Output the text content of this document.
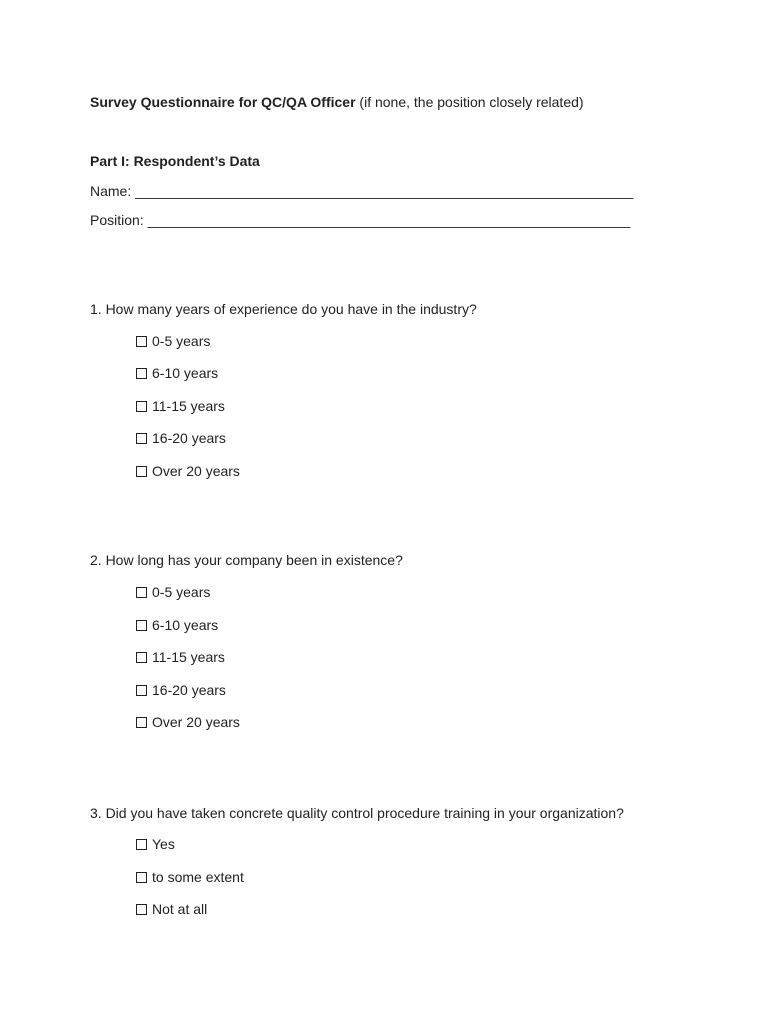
Survey Questionnaire for QC/QA Officer (if none, the position closely related)
Part I: Respondent’s Data
Name: ________________________________________________________________
Position: ______________________________________________________________
1. How many years of experience do you have in the industry?
0-5 years
6-10 years
11-15 years
16-20 years
Over 20 years
2. How long has your company been in existence?
0-5 years
6-10 years
11-15 years
16-20 years
Over 20 years
3. Did you have taken concrete quality control procedure training in your organization?
Yes
to some extent
Not at all
